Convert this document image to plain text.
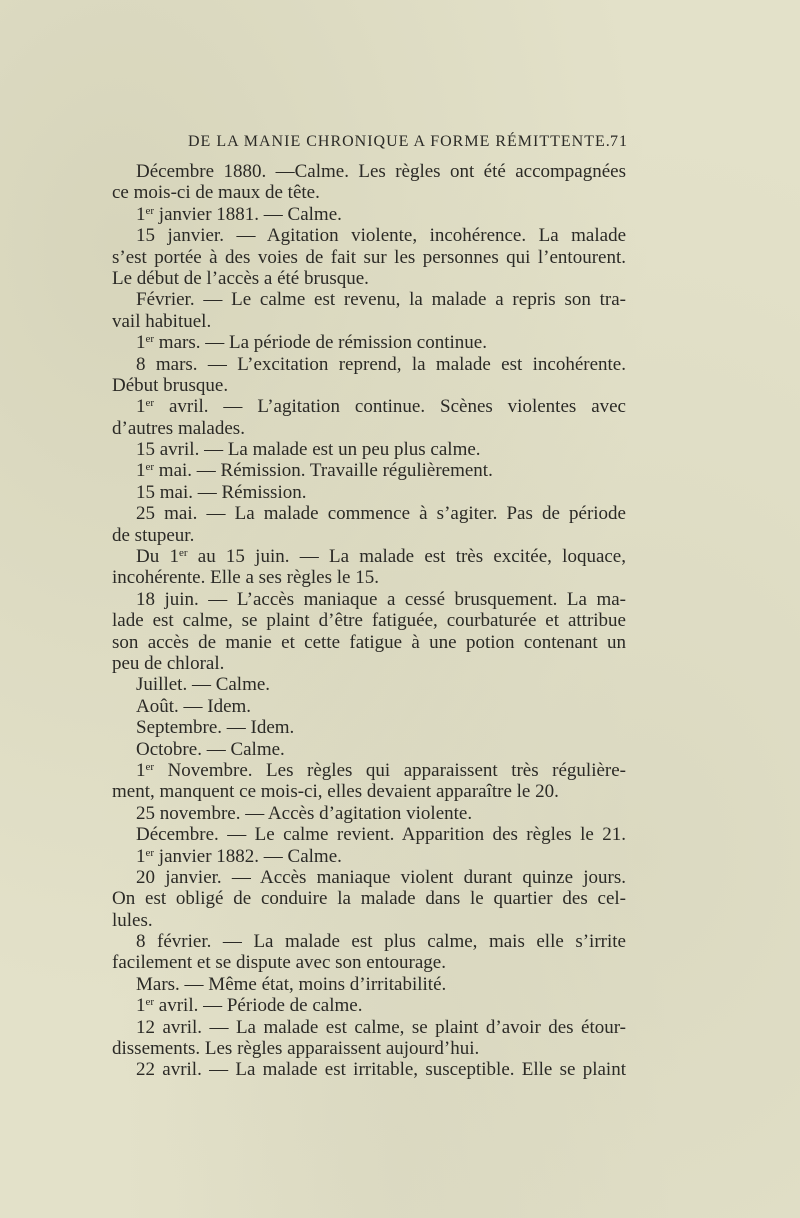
DE LA MANIE CHRONIQUE A FORME RÉMITTENTE. 71
Décembre 1880. —Calme. Les règles ont été accompagnées
ce mois-ci de maux de tête.
1er janvier 1881. — Calme.
15 janvier. — Agitation violente, incohérence. La malade
s’est portée à des voies de fait sur les personnes qui l’entourent.
Le début de l’accès a été brusque.
Février. — Le calme est revenu, la malade a repris son tra-
vail habituel.
1er mars. — La période de rémission continue.
8 mars. — L’excitation reprend, la malade est incohérente.
Début brusque.
1er avril. — L’agitation continue. Scènes violentes avec
d’autres malades.
15 avril. — La malade est un peu plus calme.
1er mai. — Rémission. Travaille régulièrement.
15 mai. — Rémission.
25 mai. — La malade commence à s’agiter. Pas de période
de stupeur.
Du 1er au 15 juin. — La malade est très excitée, loquace,
incohérente. Elle a ses règles le 15.
18 juin. — L’accès maniaque a cessé brusquement. La ma-
lade est calme, se plaint d’être fatiguée, courbaturée et attribue
son accès de manie et cette fatigue à une potion contenant un
peu de chloral.
Juillet. — Calme.
Août. — Idem.
Septembre. — Idem.
Octobre. — Calme.
1er Novembre. Les règles qui apparaissent très régulière-
ment, manquent ce mois-ci, elles devaient apparaître le 20.
25 novembre. — Accès d’agitation violente.
Décembre. — Le calme revient. Apparition des règles le 21.
1er janvier 1882. — Calme.
20 janvier. — Accès maniaque violent durant quinze jours.
On est obligé de conduire la malade dans le quartier des cel-
lules.
8 février. — La malade est plus calme, mais elle s’irrite
facilement et se dispute avec son entourage.
Mars. — Même état, moins d’irritabilité.
1er avril. — Période de calme.
12 avril. — La malade est calme, se plaint d’avoir des étour-
dissements. Les règles apparaissent aujourd’hui.
22 avril. — La malade est irritable, susceptible. Elle se plaint
